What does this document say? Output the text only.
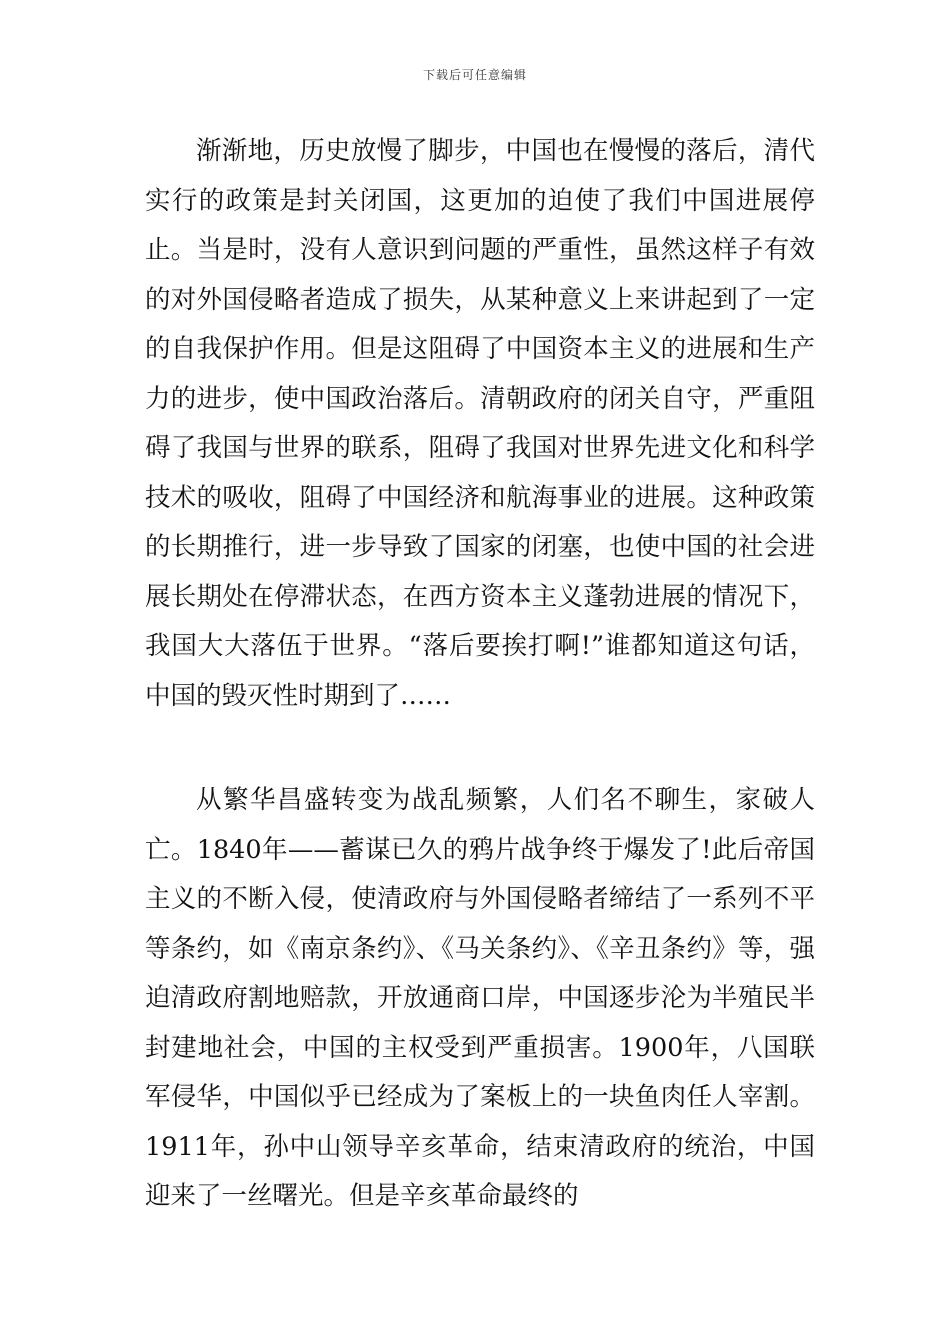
下载后可任意编辑

渐渐地，历史放慢了脚步，中国也在慢慢的落后，清代实行的政策是封关闭国，这更加的迫使了我们中国进展停止。当是时，没有人意识到问题的严重性，虽然这样子有效的对外国侵略者造成了损失，从某种意义上来讲起到了一定的自我保护作用。但是这阻碍了中国资本主义的进展和生产力的进步，使中国政治落后。清朝政府的闭关自守，严重阻碍了我国与世界的联系，阻碍了我国对世界先进文化和科学技术的吸收，阻碍了中国经济和航海事业的进展。这种政策的长期推行，进一步导致了国家的闭塞，也使中国的社会进展长期处在停滞状态，在西方资本主义蓬勃进展的情况下，我国大大落伍于世界。“落后要挨打啊!”谁都知道这句话，中国的毁灭性时期到了……

从繁华昌盛转变为战乱频繁，人们名不聊生，家破人亡。1840年——蓄谋已久的鸦片战争终于爆发了!此后帝国主义的不断入侵，使清政府与外国侵略者缔结了一系列不平等条约，如《南京条约》、《马关条约》、《辛丑条约》等，强迫清政府割地赔款，开放通商口岸，中国逐步沦为半殖民半封建地社会，中国的主权受到严重损害。1900年，八国联军侵华，中国似乎已经成为了案板上的一块鱼肉任人宰割。1911年，孙中山领导辛亥革命，结束清政府的统治，中国迎来了一丝曙光。但是辛亥革命最终的
